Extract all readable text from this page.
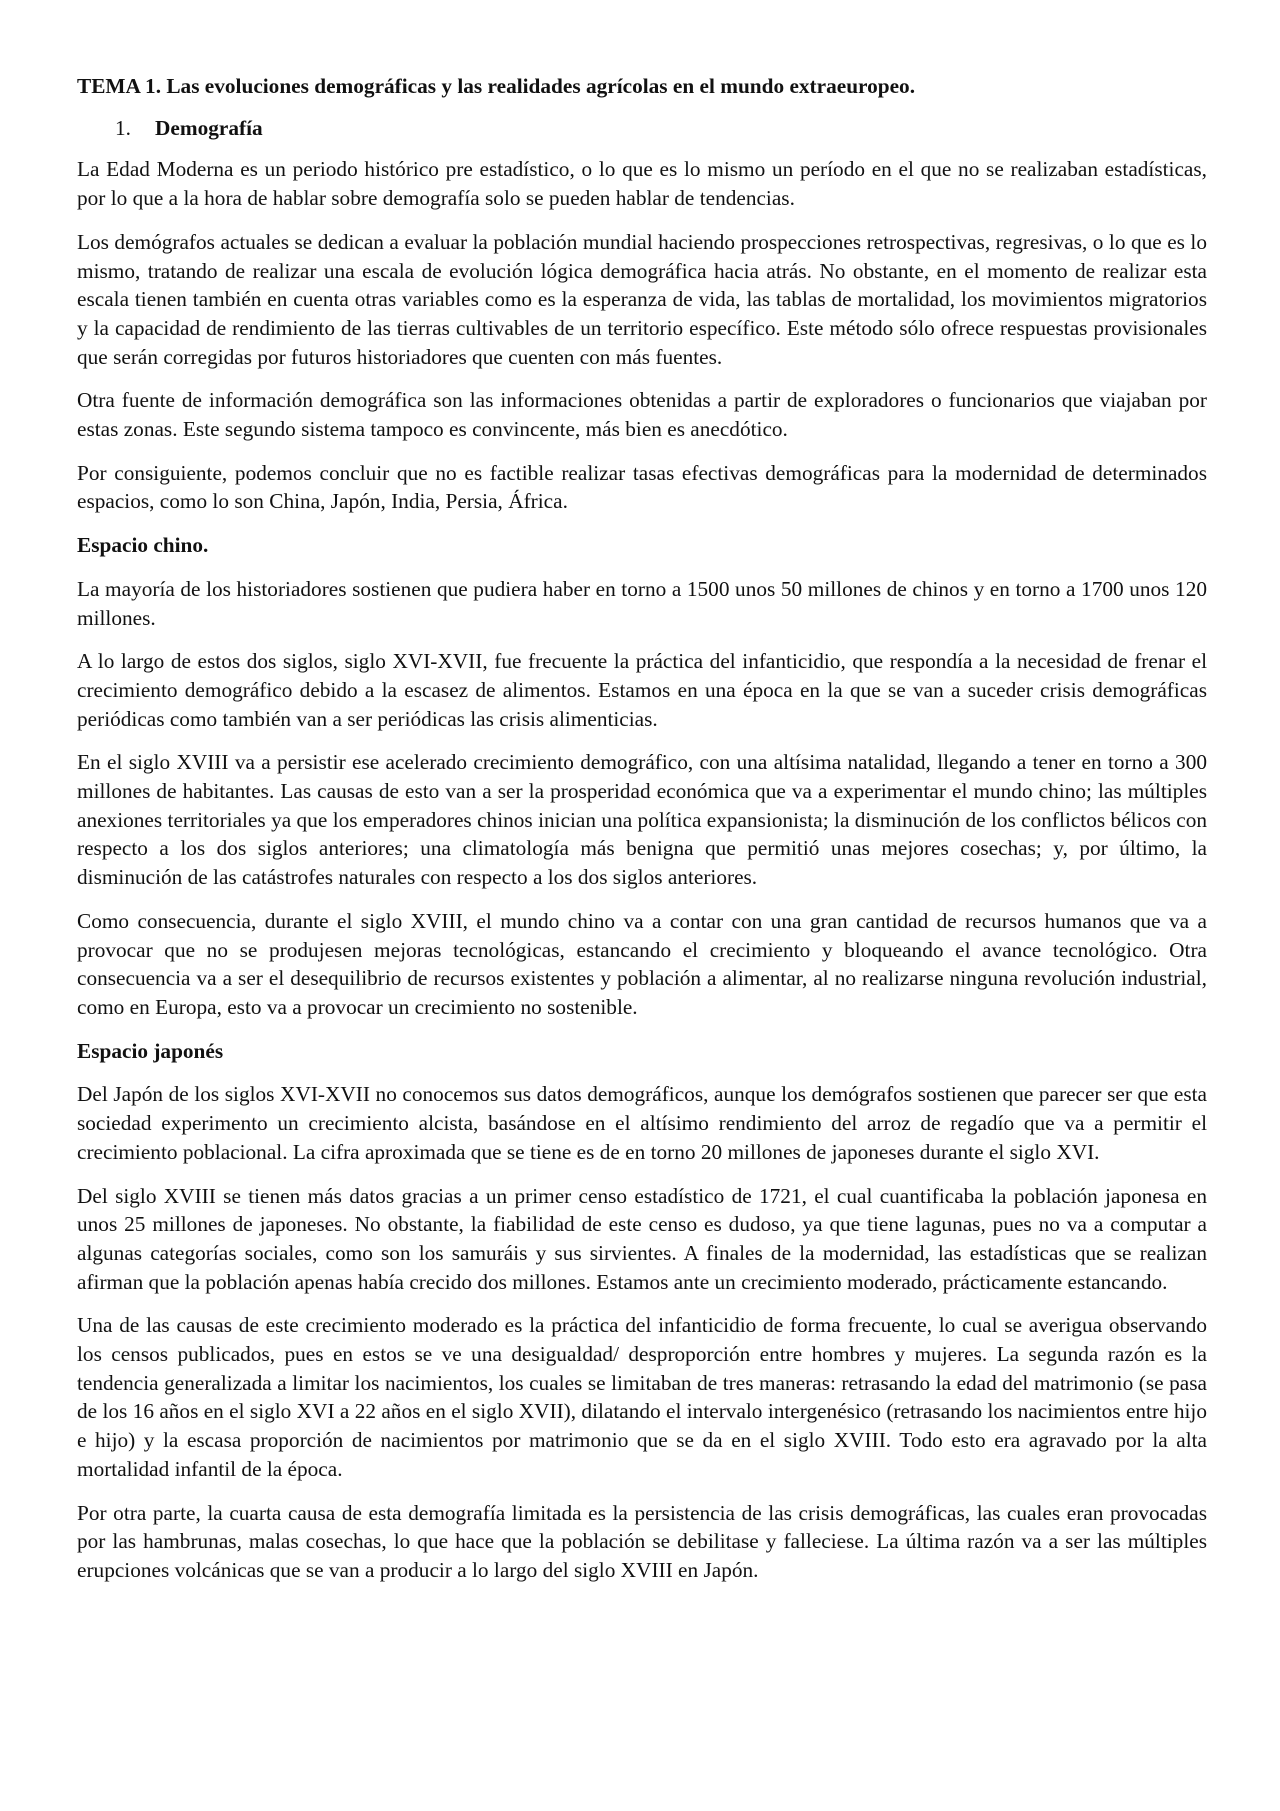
TEMA 1. Las evoluciones demográficas y las realidades agrícolas en el mundo extraeuropeo.
1.	Demografía

La Edad Moderna es un periodo histórico pre estadístico, o lo que es lo mismo un período en el que no se realizaban estadísticas, por lo que a la hora de hablar sobre demografía solo se pueden hablar de tendencias.

Los demógrafos actuales se dedican a evaluar la población mundial haciendo prospecciones retrospectivas, regresivas, o lo que es lo mismo, tratando de realizar una escala de evolución lógica demográfica hacia atrás. No obstante, en el momento de realizar esta escala tienen también en cuenta otras variables como es la esperanza de vida, las tablas de mortalidad, los movimientos migratorios y la capacidad de rendimiento de las tierras cultivables de un territorio específico. Este método sólo ofrece respuestas provisionales que serán corregidas por futuros historiadores que cuenten con más fuentes.

Otra fuente de información demográfica son las informaciones obtenidas a partir de exploradores o funcionarios que viajaban por estas zonas. Este segundo sistema tampoco es convincente, más bien es anecdótico.

Por consiguiente, podemos concluir que no es factible realizar tasas efectivas demográficas para la modernidad de determinados espacios, como lo son China, Japón, India, Persia, África.

Espacio chino.

La mayoría de los historiadores sostienen que pudiera haber en torno a 1500 unos 50 millones de chinos y en torno a 1700 unos 120 millones.

A lo largo de estos dos siglos, siglo XVI-XVII, fue frecuente la práctica del infanticidio, que respondía a la necesidad de frenar el crecimiento demográfico debido a la escasez de alimentos. Estamos en una época en la que se van a suceder crisis demográficas periódicas como también van a ser periódicas las crisis alimenticias.

En el siglo XVIII va a persistir ese acelerado crecimiento demográfico, con una altísima natalidad, llegando a tener en torno a 300 millones de habitantes. Las causas de esto van a ser la prosperidad económica que va a experimentar el mundo chino; las múltiples anexiones territoriales ya que los emperadores chinos inician una política expansionista; la disminución de los conflictos bélicos con respecto a los dos siglos anteriores; una climatología más benigna que permitió unas mejores cosechas; y, por último, la disminución de las catástrofes naturales con respecto a los dos siglos anteriores.

Como consecuencia, durante el siglo XVIII, el mundo chino va a contar con una gran cantidad de recursos humanos que va a provocar que no se produjesen mejoras tecnológicas, estancando el crecimiento y bloqueando el avance tecnológico. Otra consecuencia va a ser el desequilibrio de recursos existentes y población a alimentar, al no realizarse ninguna revolución industrial, como en Europa, esto va a provocar un crecimiento no sostenible.

Espacio japonés

Del Japón de los siglos XVI-XVII no conocemos sus datos demográficos, aunque los demógrafos sostienen que parecer ser que esta sociedad experimento un crecimiento alcista, basándose en el altísimo rendimiento del arroz de regadío que va a permitir el crecimiento poblacional. La cifra aproximada que se tiene es de en torno 20 millones de japoneses durante el siglo XVI.

Del siglo XVIII se tienen más datos gracias a un primer censo estadístico de 1721, el cual cuantificaba la población japonesa en unos 25 millones de japoneses. No obstante, la fiabilidad de este censo es dudoso, ya que tiene lagunas, pues no va a computar a algunas categorías sociales, como son los samuráis y sus sirvientes. A finales de la modernidad, las estadísticas que se realizan afirman que la población apenas había crecido dos millones. Estamos ante un crecimiento moderado, prácticamente estancando.

Una de las causas de este crecimiento moderado es la práctica del infanticidio de forma frecuente, lo cual se averigua observando los censos publicados, pues en estos se ve una desigualdad/ desproporción entre hombres y mujeres. La segunda razón es la tendencia generalizada a limitar los nacimientos, los cuales se limitaban de tres maneras: retrasando la edad del matrimonio (se pasa de los 16 años en el siglo XVI a 22 años en el siglo XVII), dilatando el intervalo intergenésico (retrasando los nacimientos entre hijo e hijo) y la escasa proporción de nacimientos por matrimonio que se da en el siglo XVIII. Todo esto era agravado por la alta mortalidad infantil de la época.

Por otra parte, la cuarta causa de esta demografía limitada es la persistencia de las crisis demográficas, las cuales eran provocadas por las hambrunas, malas cosechas, lo que hace que la población se debilitase y falleciese. La última razón va a ser las múltiples erupciones volcánicas que se van a producir a lo largo del siglo XVIII en Japón.
